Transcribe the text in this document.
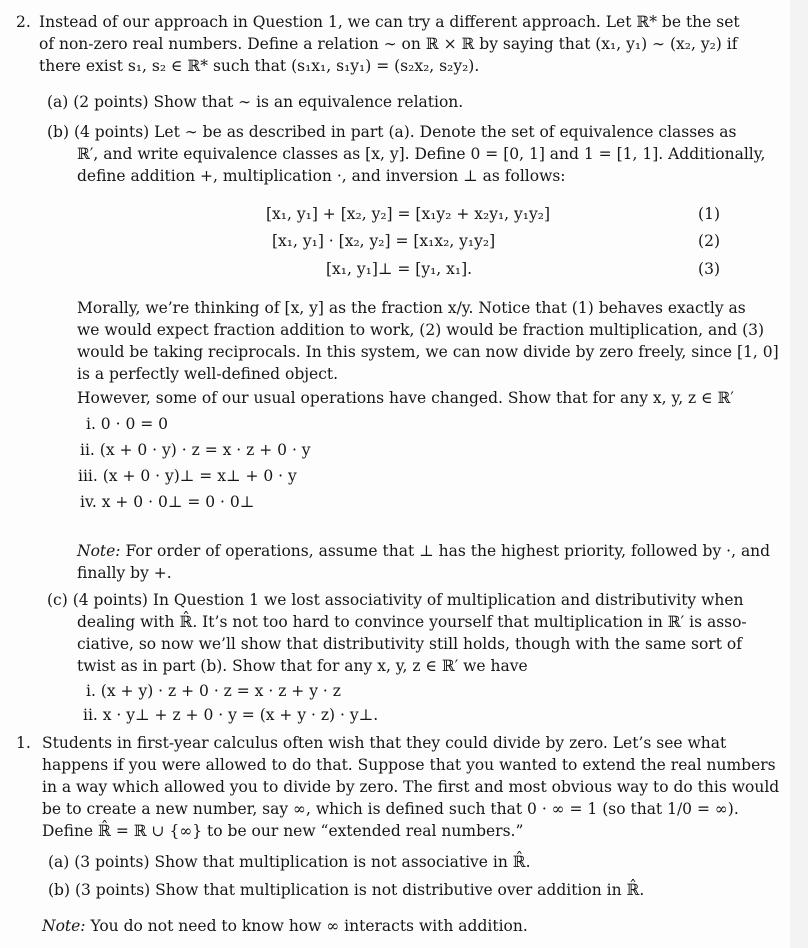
2. Instead of our approach in Question 1, we can try a different approach. Let ℝ* be the set
of non-zero real numbers. Define a relation ∼ on ℝ × ℝ by saying that (x₁, y₁) ∼ (x₂, y₂) if
there exist s₁, s₂ ∈ ℝ* such that (s₁x₁, s₁y₁) = (s₂x₂, s₂y₂).
(a) (2 points) Show that ∼ is an equivalence relation.
(b) (4 points) Let ∼ be as described in part (a). Denote the set of equivalence classes as
ℝ′, and write equivalence classes as [x, y]. Define 0 = [0, 1] and 1 = [1, 1]. Additionally,
define addition +, multiplication ·, and inversion ⊥ as follows:
[x₁, y₁] + [x₂, y₂] = [x₁y₂ + x₂y₁, y₁y₂]	(1)
[x₁, y₁] · [x₂, y₂] = [x₁x₂, y₁y₂]	(2)
[x₁, y₁]⊥ = [y₁, x₁].	(3)
Morally, we’re thinking of [x, y] as the fraction x/y. Notice that (1) behaves exactly as
we would expect fraction addition to work, (2) would be fraction multiplication, and (3)
would be taking reciprocals. In this system, we can now divide by zero freely, since [1, 0]
is a perfectly well-defined object.
However, some of our usual operations have changed. Show that for any x, y, z ∈ ℝ′
i. 0 · 0 = 0
ii. (x + 0 · y) · z = x · z + 0 · y
iii. (x + 0 · y)⊥ = x⊥ + 0 · y
iv. x + 0 · 0⊥ = 0 · 0⊥
Note: For order of operations, assume that ⊥ has the highest priority, followed by ·, and
finally by +.
(c) (4 points) In Question 1 we lost associativity of multiplication and distributivity when
dealing with ℝ̂. It’s not too hard to convince yourself that multiplication in ℝ′ is asso-
ciative, so now we’ll show that distributivity still holds, though with the same sort of
twist as in part (b). Show that for any x, y, z ∈ ℝ′ we have
i. (x + y) · z + 0 · z = x · z + y · z
ii. x · y⊥ + z + 0 · y = (x + y · z) · y⊥.
1. Students in first-year calculus often wish that they could divide by zero. Let’s see what
happens if you were allowed to do that. Suppose that you wanted to extend the real numbers
in a way which allowed you to divide by zero. The first and most obvious way to do this would
be to create a new number, say ∞, which is defined such that 0 · ∞ = 1 (so that 1/0 = ∞).
Define ℝ̂ = ℝ ∪ {∞} to be our new “extended real numbers.”
(a) (3 points) Show that multiplication is not associative in ℝ̂.
(b) (3 points) Show that multiplication is not distributive over addition in ℝ̂.
Note: You do not need to know how ∞ interacts with addition.
